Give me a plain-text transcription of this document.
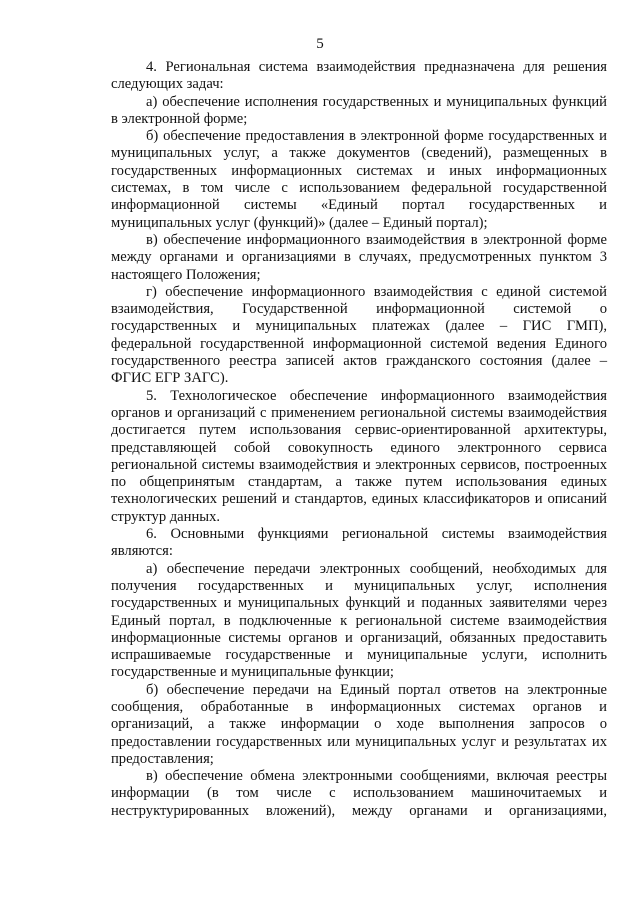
5

4. Региональная система взаимодействия предназначена для решения следующих задач:

а) обеспечение исполнения государственных и муниципальных функций в электронной форме;

б) обеспечение предоставления в электронной форме государственных и муниципальных услуг, а также документов (сведений), размещенных в государственных информационных системах и иных информационных системах, в том числе с использованием федеральной государственной информационной системы «Единый портал государственных и муниципальных услуг (функций)» (далее – Единый портал);

в) обеспечение информационного взаимодействия в электронной форме между органами и организациями в случаях, предусмотренных пунктом 3 настоящего Положения;

г) обеспечение информационного взаимодействия с единой системой взаимодействия, Государственной информационной системой о государственных и муниципальных платежах (далее – ГИС ГМП), федеральной государственной информационной системой ведения Единого государственного реестра записей актов гражданского состояния (далее – ФГИС ЕГР ЗАГС).

5. Технологическое обеспечение информационного взаимодействия органов и организаций с применением региональной системы взаимодействия достигается путем использования сервис-ориентированной архитектуры, представляющей собой совокупность единого электронного сервиса региональной системы взаимодействия и электронных сервисов, построенных по общепринятым стандартам, а также путем использования единых технологических решений и стандартов, единых классификаторов и описаний структур данных.

6. Основными функциями региональной системы взаимодействия являются:

а) обеспечение передачи электронных сообщений, необходимых для получения государственных и муниципальных услуг, исполнения государственных и муниципальных функций и поданных заявителями через Единый портал, в подключенные к региональной системе взаимодействия информационные системы органов и организаций, обязанных предоставить испрашиваемые государственные и муниципальные услуги, исполнить государственные и муниципальные функции;

б) обеспечение передачи на Единый портал ответов на электронные сообщения, обработанные в информационных системах органов и организаций, а также информации о ходе выполнения запросов о предоставлении государственных или муниципальных услуг и результатах их предоставления;

в) обеспечение обмена электронными сообщениями, включая реестры информации (в том числе с использованием машиночитаемых и неструктурированных вложений), между органами и организациями,
